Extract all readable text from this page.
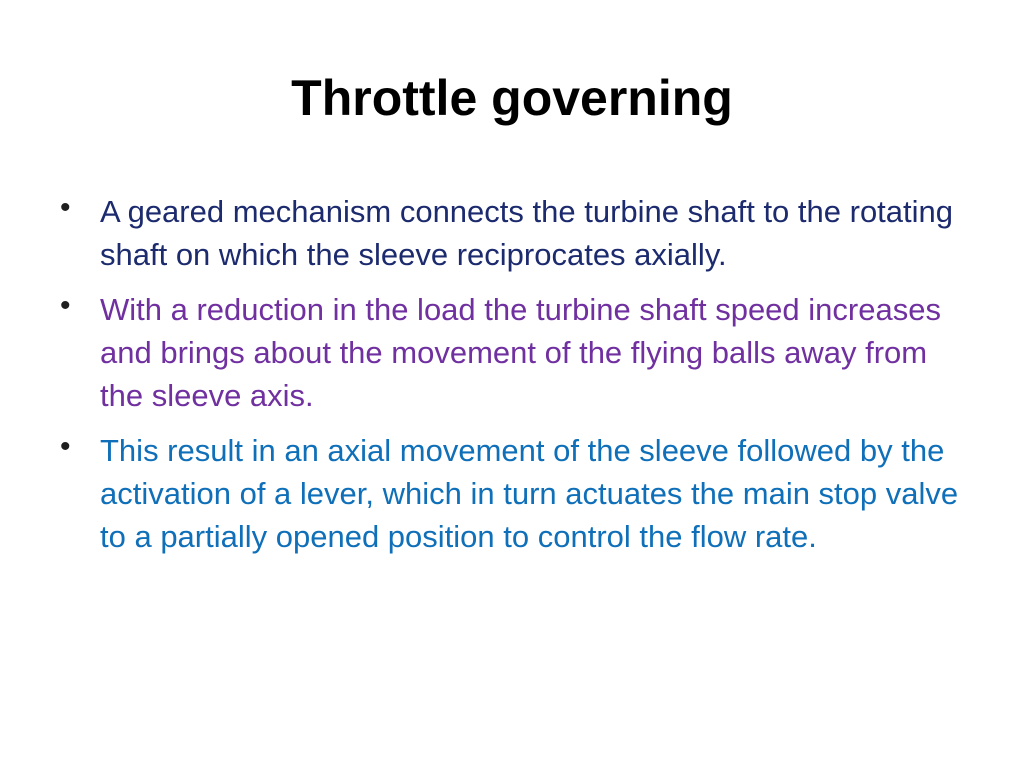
Throttle governing
• A geared mechanism connects the turbine shaft to the rotating shaft on which the sleeve reciprocates axially.
• With a reduction in the load the turbine shaft speed increases and brings about the movement of the flying balls away from the sleeve axis.
• This result in an axial movement of the sleeve followed by the activation of a lever, which in turn actuates the main stop valve to a partially opened position to control the flow rate.
